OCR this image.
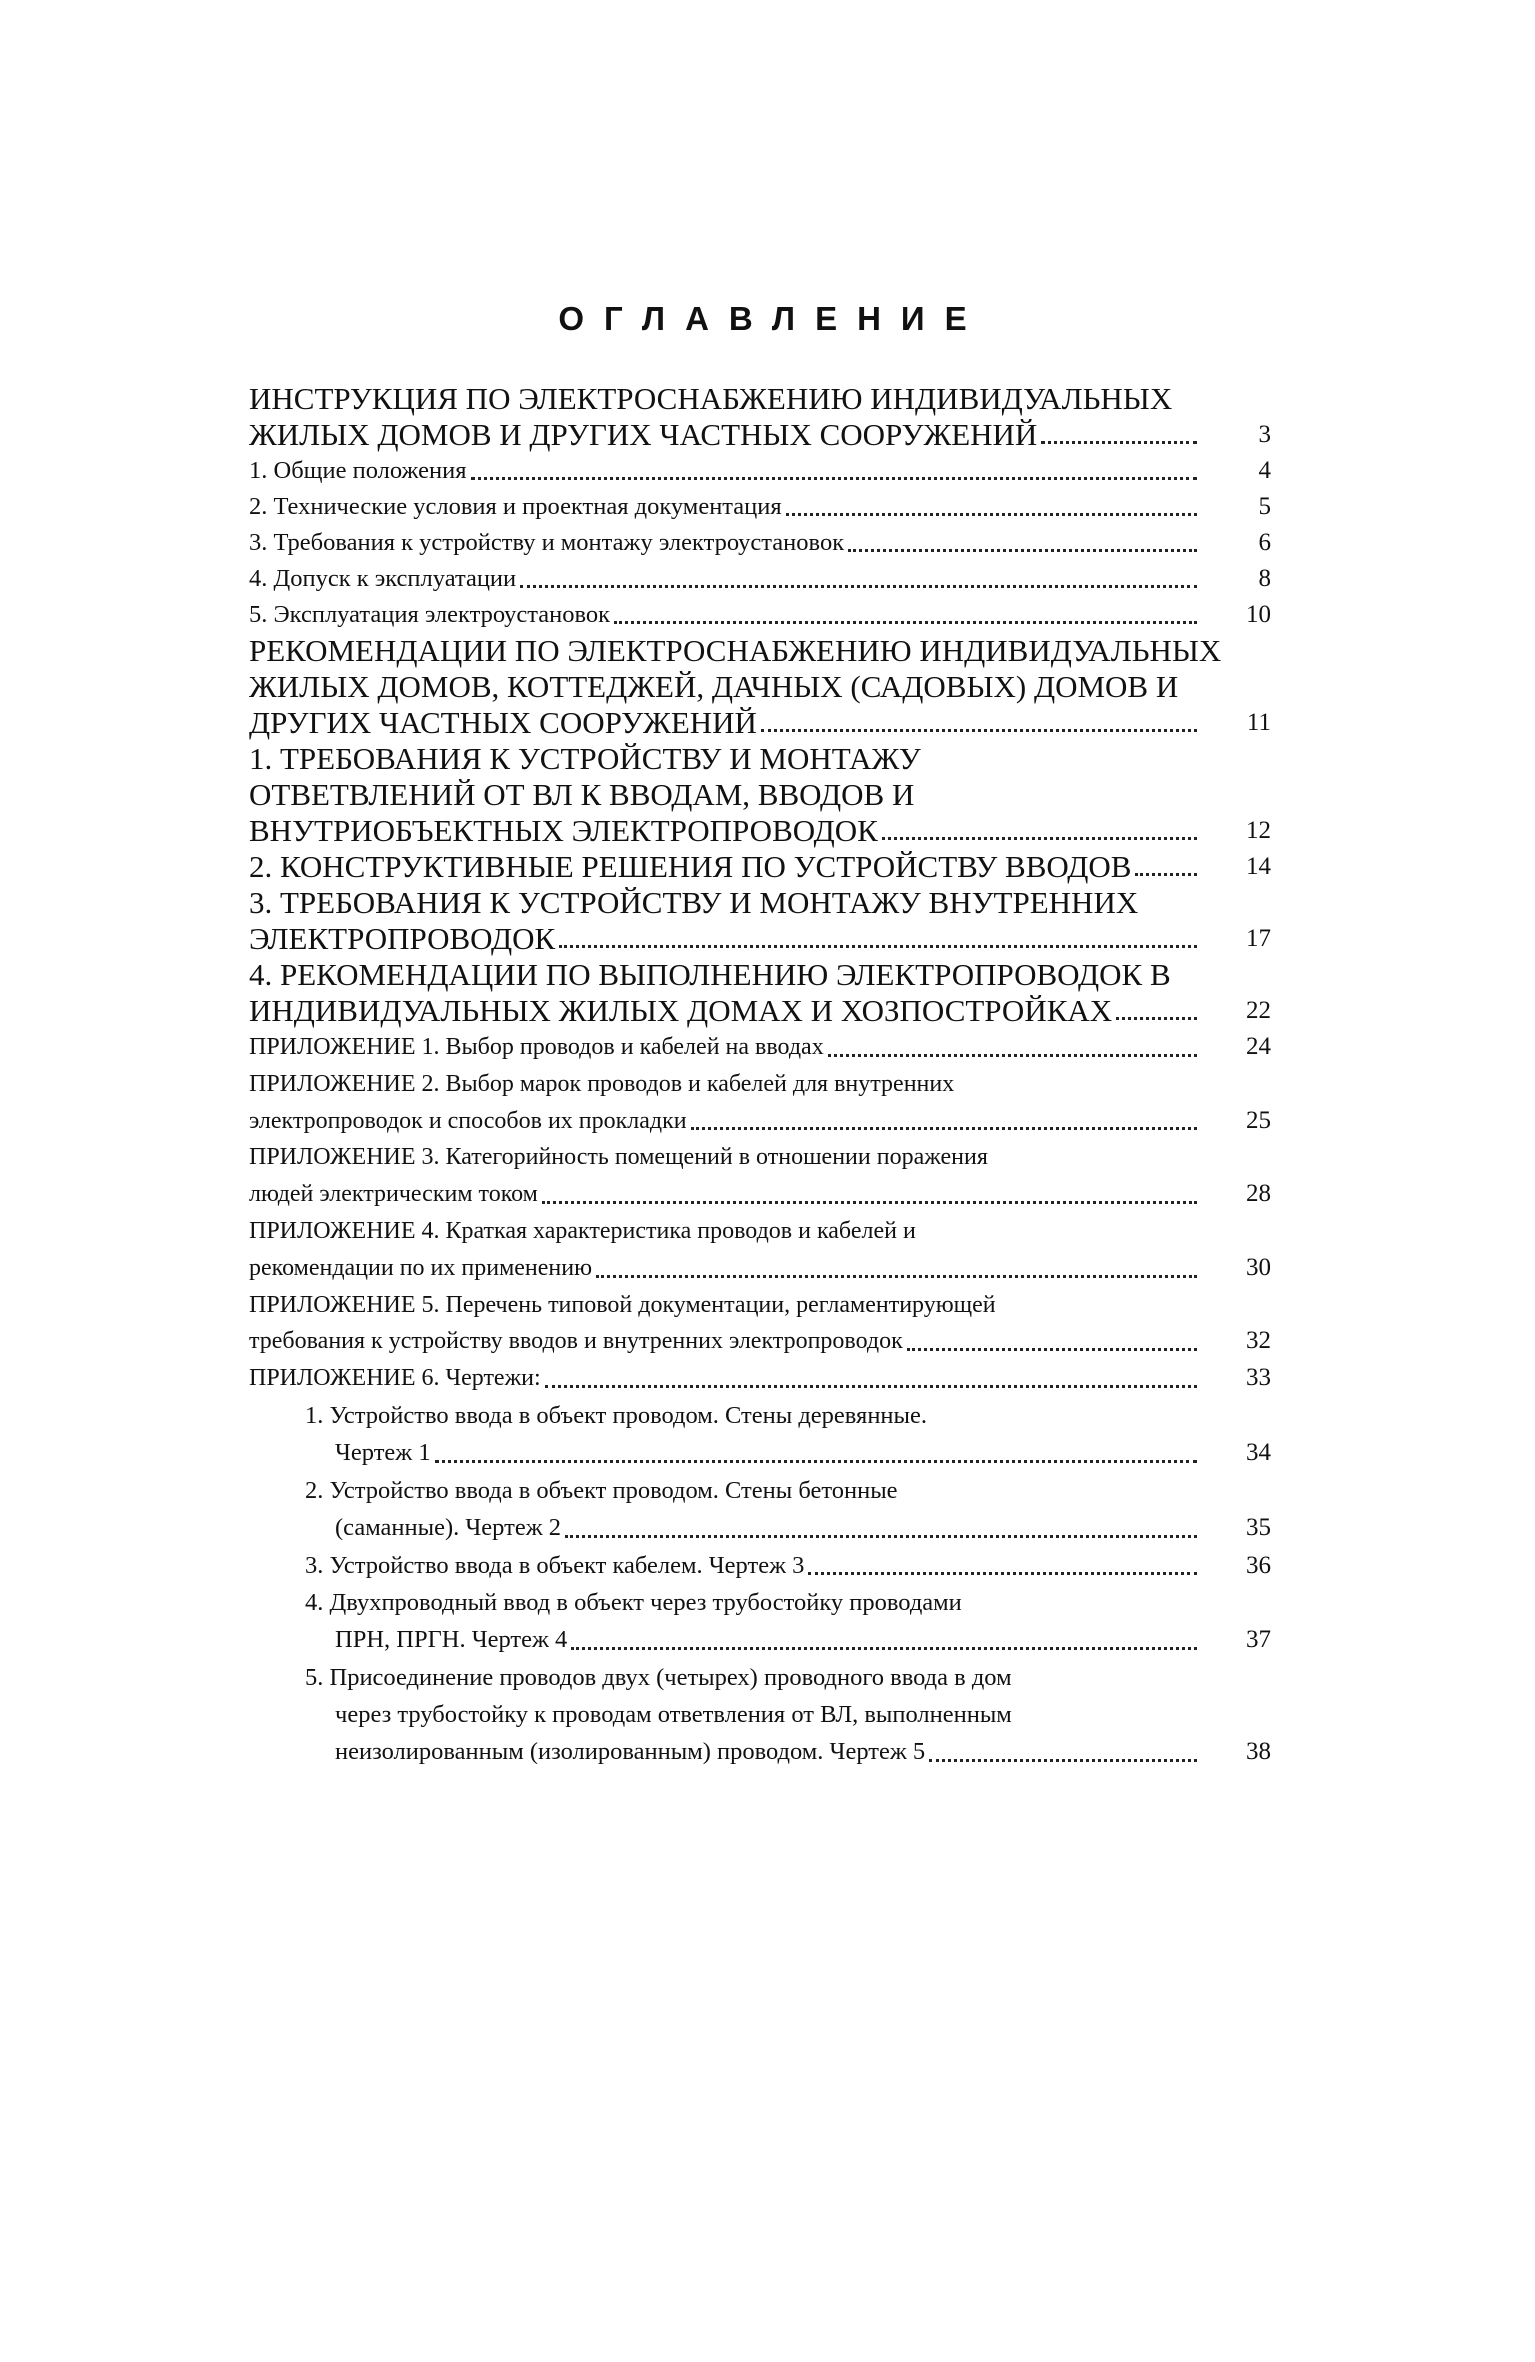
ОГЛАВЛЕНИЕ
ИНСТРУКЦИЯ ПО ЭЛЕКТРОСНАБЖЕНИЮ ИНДИВИДУАЛЬНЫХ
ЖИЛЫХ ДОМОВ И ДРУГИХ ЧАСТНЫХ СООРУЖЕНИЙ	3
1. Общие положения	4
2. Технические условия и проектная документация	5
3. Требования к устройству и монтажу электроустановок	6
4. Допуск к эксплуатации	8
5. Эксплуатация электроустановок	10
РЕКОМЕНДАЦИИ ПО ЭЛЕКТРОСНАБЖЕНИЮ ИНДИВИДУАЛЬНЫХ
ЖИЛЫХ ДОМОВ, КОТТЕДЖЕЙ, ДАЧНЫХ (САДОВЫХ) ДОМОВ И
ДРУГИХ ЧАСТНЫХ СООРУЖЕНИЙ	11
1. ТРЕБОВАНИЯ К УСТРОЙСТВУ И МОНТАЖУ
ОТВЕТВЛЕНИЙ ОТ ВЛ К ВВОДАМ, ВВОДОВ И
ВНУТРИОБЪЕКТНЫХ ЭЛЕКТРОПРОВОДОК	12
2. КОНСТРУКТИВНЫЕ РЕШЕНИЯ ПО УСТРОЙСТВУ ВВОДОВ	14
3. ТРЕБОВАНИЯ К УСТРОЙСТВУ И МОНТАЖУ ВНУТРЕННИХ
ЭЛЕКТРОПРОВОДОК	17
4. РЕКОМЕНДАЦИИ ПО ВЫПОЛНЕНИЮ ЭЛЕКТРОПРОВОДОК В
ИНДИВИДУАЛЬНЫХ ЖИЛЫХ ДОМАХ И ХОЗПОСТРОЙКАХ	22
ПРИЛОЖЕНИЕ 1. Выбор проводов и кабелей на вводах	24
ПРИЛОЖЕНИЕ 2. Выбор марок проводов и кабелей для внутренних
электропроводок и способов их прокладки	25
ПРИЛОЖЕНИЕ 3. Категорийность помещений в отношении поражения
людей электрическим током	28
ПРИЛОЖЕНИЕ 4. Краткая характеристика проводов и кабелей и
рекомендации по их применению	30
ПРИЛОЖЕНИЕ 5. Перечень типовой документации, регламентирующей
требования к устройству вводов и внутренних электропроводок	32
ПРИЛОЖЕНИЕ 6. Чертежи:	33
1. Устройство ввода в объект проводом. Стены деревянные.
Чертеж 1	34
2. Устройство ввода в объект проводом. Стены бетонные
(саманные). Чертеж 2	35
3. Устройство ввода в объект кабелем. Чертеж 3	36
4. Двухпроводный ввод в объект через трубостойку проводами
ПРН, ПРГН. Чертеж 4	37
5. Присоединение проводов двух (четырех) проводного ввода в дом
через трубостойку к проводам ответвления от ВЛ, выполненным
неизолированным (изолированным) проводом. Чертеж 5	38
